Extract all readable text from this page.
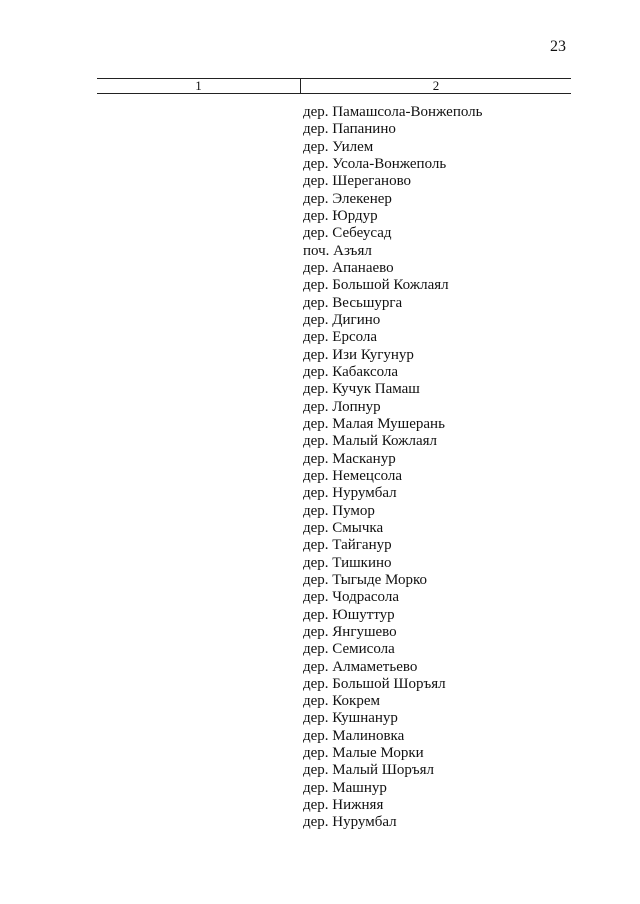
23
1	2
дер. Памашсола-Вонжеполь
дер. Папанино
дер. Уилем
дер. Усола-Вонжеполь
дер. Шереганово
дер. Элекенер
дер. Юрдур
дер. Себеусад
поч. Азъял
дер. Апанаево
дер. Большой Кожлаял
дер. Весьшурга
дер. Дигино
дер. Ерсола
дер. Изи Кугунур
дер. Кабаксола
дер. Кучук Памаш
дер. Лопнур
дер. Малая Мушерань
дер. Малый Кожлаял
дер. Масканур
дер. Немецсола
дер. Нурумбал
дер. Пумор
дер. Смычка
дер. Тайганур
дер. Тишкино
дер. Тыгыде Морко
дер. Чодрасола
дер. Юшуттур
дер. Янгушево
дер. Семисола
дер. Алмаметьево
дер. Большой Шоръял
дер. Кокрем
дер. Кушнанур
дер. Малиновка
дер. Малые Морки
дер. Малый Шоръял
дер. Машнур
дер. Нижняя
дер. Нурумбал
